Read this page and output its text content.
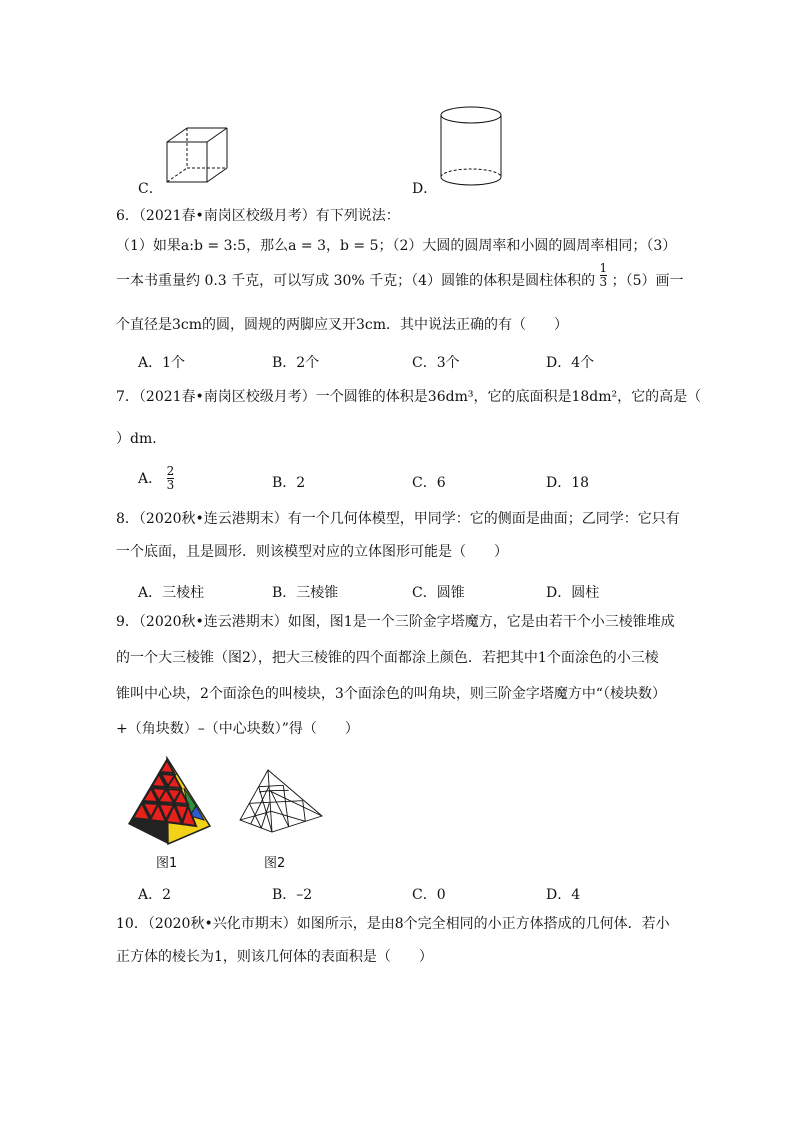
C．	D．
6．（2021春•南岗区校级月考）有下列说法：
（1）如果a:b = 3:5，那么a = 3，b = 5；（2）大圆的圆周率和小圆的圆周率相同；（3）
一本书重量约 0.3 千克，可以写成 30% 千克；（4）圆锥的体积是圆柱体积的 $\frac{1}{3}$ ；（5）画一
个直径是3cm的圆，圆规的两脚应叉开3cm．其中说法正确的有（　　）
A．1个	B．2个	C．3个	D．4个
7．（2021春•南岗区校级月考）一个圆锥的体积是36dm³，它的底面积是18dm²，它的高是（
）dm．
A． $\frac{2}{3}$	B．2	C．6	D．18
8．（2020秋•连云港期末）有一个几何体模型，甲同学：它的侧面是曲面；乙同学：它只有
一个底面，且是圆形．则该模型对应的立体图形可能是（　　）
A．三棱柱	B．三棱锥	C．圆锥	D．圆柱
9．（2020秋•连云港期末）如图，图1是一个三阶金字塔魔方，它是由若干个小三棱锥堆成
的一个大三棱锥（图2），把大三棱锥的四个面都涂上颜色．若把其中1个面涂色的小三棱
锥叫中心块，2个面涂色的叫棱块，3个面涂色的叫角块，则三阶金字塔魔方中“（棱块数）
+（角块数）–（中心块数）”得（　　）
图1	图2
A．2	B．–2	C．0	D．4
10．（2020秋•兴化市期末）如图所示，是由8个完全相同的小正方体搭成的几何体．若小
正方体的棱长为1，则该几何体的表面积是（　　）
